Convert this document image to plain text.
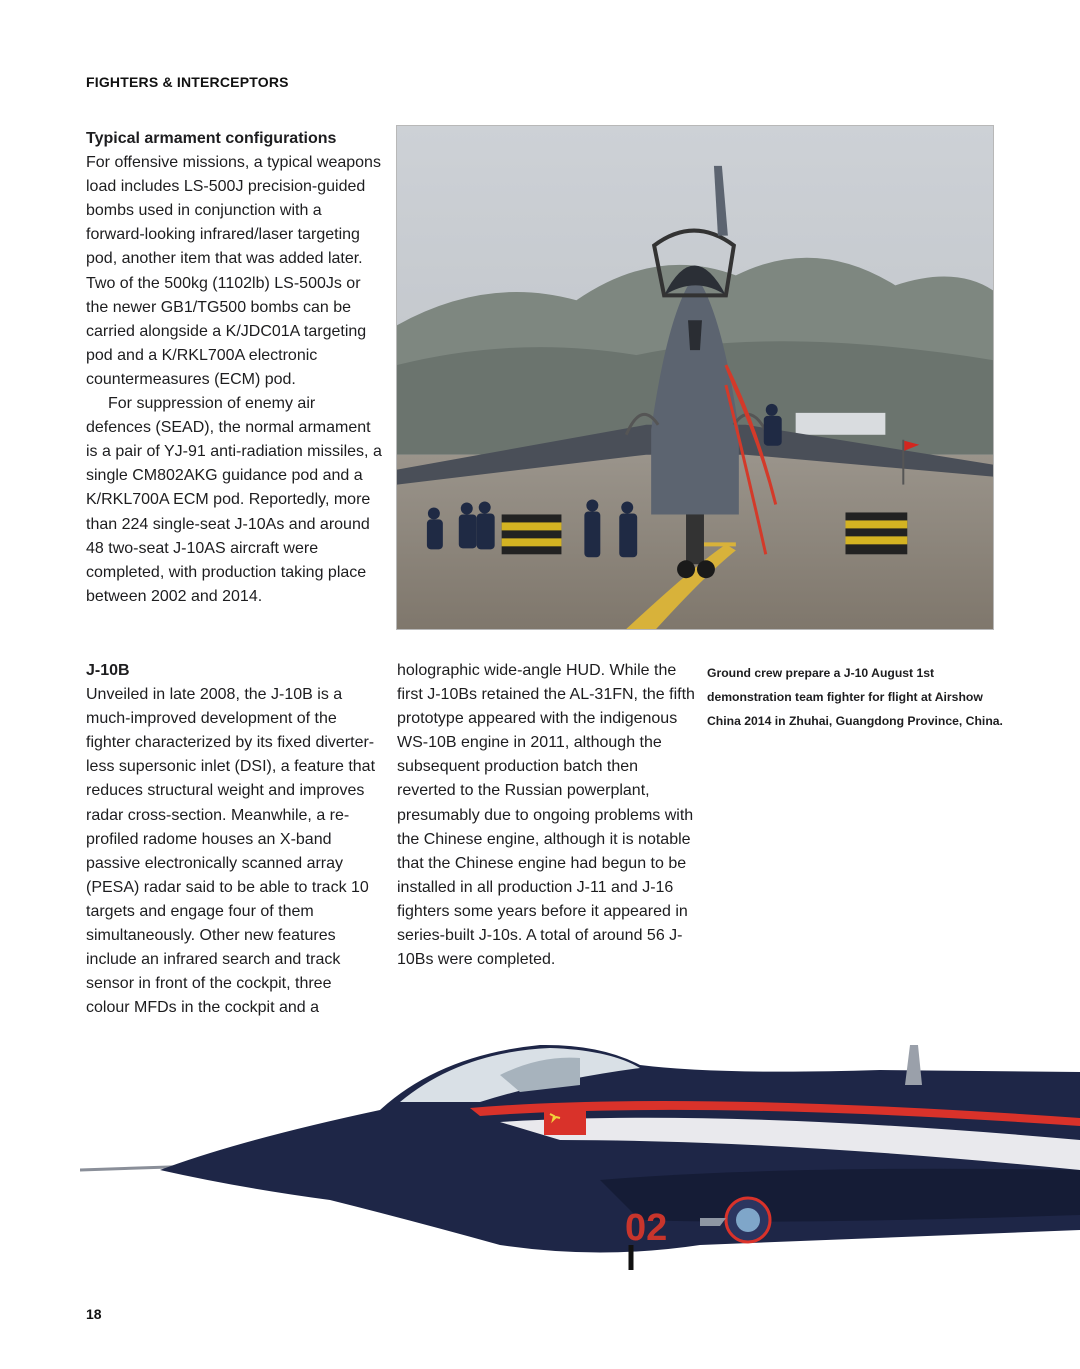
FIGHTERS & INTERCEPTORS
Typical armament configurations

For offensive missions, a typical weapons load includes LS-500J precision-guided bombs used in conjunction with a forward-looking infrared/laser targeting pod, another item that was added later. Two of the 500kg (1102lb) LS-500Js or the newer GB1/TG500 bombs can be carried alongside a K/JDC01A targeting pod and a K/RKL700A electronic countermeasures (ECM) pod.

For suppression of enemy air defences (SEAD), the normal armament is a pair of YJ-91 anti-radiation missiles, a single CM802AKG guidance pod and a K/RKL700A ECM pod. Reportedly, more than 224 single-seat J-10As and around 48 two-seat J-10AS aircraft were completed, with production taking place between 2002 and 2014.

J-10B

Unveiled in late 2008, the J-10B is a much-improved development of the fighter characterized by its fixed diverter-less supersonic inlet (DSI), a feature that reduces structural weight and improves radar cross-section. Meanwhile, a re-profiled radome houses an X-band passive electronically scanned array (PESA) radar said to be able to track 10 targets and engage four of them simultaneously. Other new features include an infrared search and track sensor in front of the cockpit, three colour MFDs in the cockpit and a

holographic wide-angle HUD. While the first J-10Bs retained the AL-31FN, the fifth prototype appeared with the indigenous WS-10B engine in 2011, although the subsequent production batch then reverted to the Russian powerplant, presumably due to ongoing problems with the Chinese engine, although it is notable that the Chinese engine had begun to be installed in all production J-11 and J-16 fighters some years before it appeared in series-built J-10s. A total of around 56 J-10Bs were completed.

Ground crew prepare a J-10 August 1st demonstration team fighter for flight at Airshow China 2014 in Zhuhai, Guangdong Province, China.
02
18
